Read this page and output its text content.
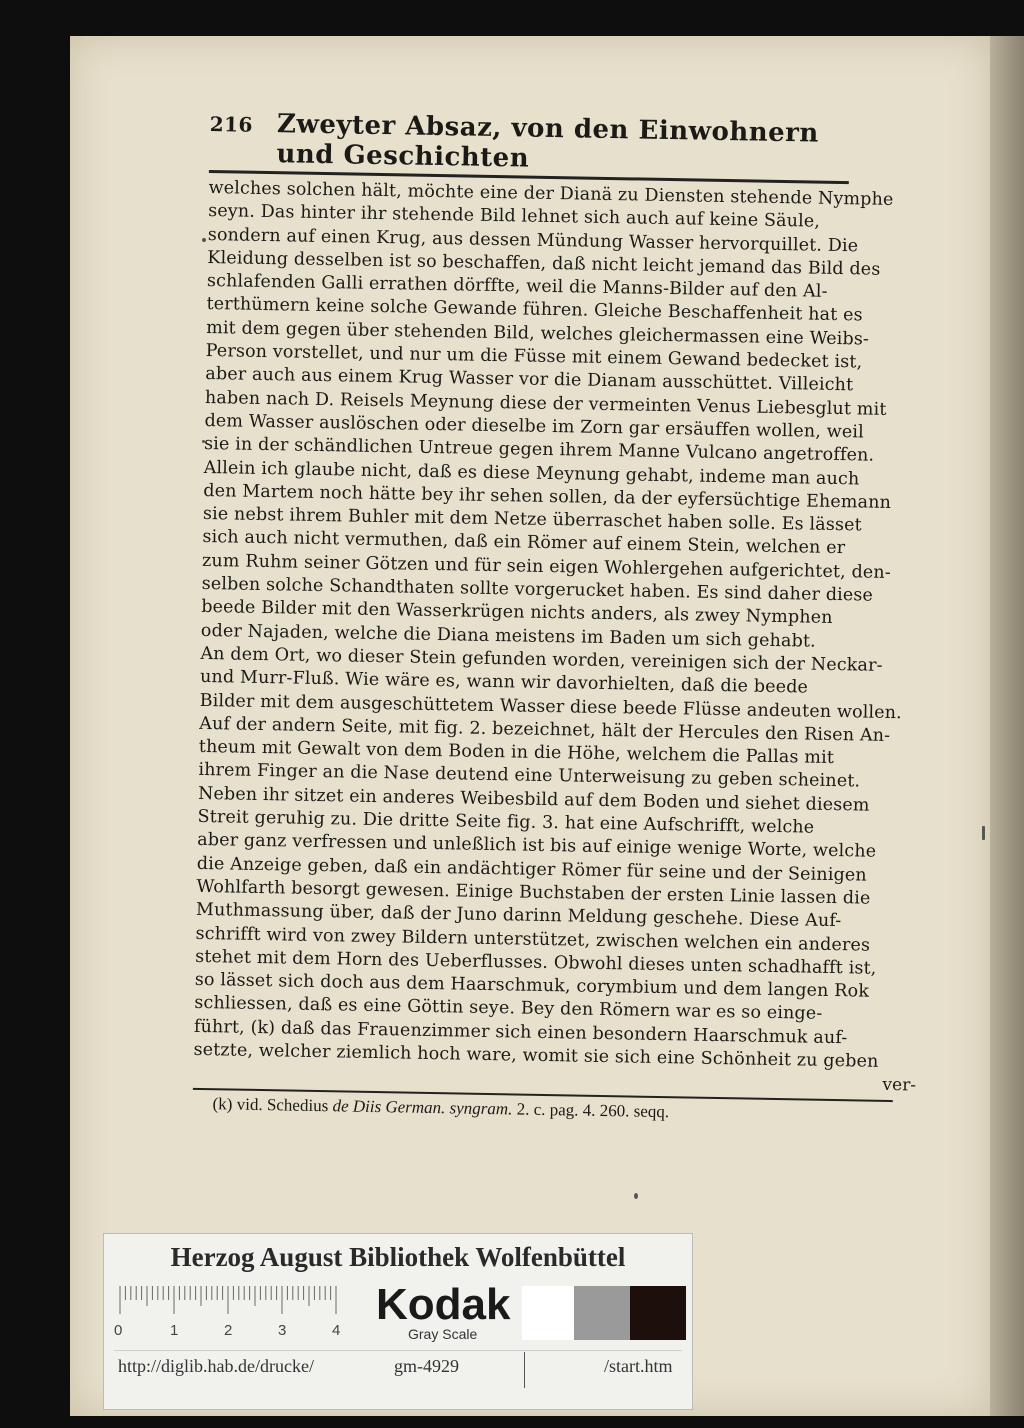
216 Zweyter Absaz, von den Einwohnern und Geschichten
welches solchen hält, möchte eine der Dianä zu Diensten stehende Nymphe
seyn. Das hinter ihr stehende Bild lehnet sich auch auf keine Säule,
sondern auf einen Krug, aus dessen Mündung Wasser hervorquillet. Die
Kleidung desselben ist so beschaffen, daß nicht leicht jemand das Bild des
schlafenden Galli errathen dörffte, weil die Manns-Bilder auf den Al-
terthümern keine solche Gewande führen. Gleiche Beschaffenheit hat es
mit dem gegen über stehenden Bild, welches gleichermassen eine Weibs-
Person vorstellet, und nur um die Füsse mit einem Gewand bedecket ist,
aber auch aus einem Krug Wasser vor die Dianam ausschüttet. Villeicht
haben nach D. Reisels Meynung diese der vermeinten Venus Liebesglut mit
dem Wasser auslöschen oder dieselbe im Zorn gar ersäuffen wollen, weil
sie in der schändlichen Untreue gegen ihrem Manne Vulcano angetroffen.
Allein ich glaube nicht, daß es diese Meynung gehabt, indeme man auch
den Martem noch hätte bey ihr sehen sollen, da der eyfersüchtige Ehemann
sie nebst ihrem Buhler mit dem Netze überraschet haben solle. Es lässet
sich auch nicht vermuthen, daß ein Römer auf einem Stein, welchen er
zum Ruhm seiner Götzen und für sein eigen Wohlergehen aufgerichtet, den-
selben solche Schandthaten sollte vorgerucket haben. Es sind daher diese
beede Bilder mit den Wasserkrügen nichts anders, als zwey Nymphen
oder Najaden, welche die Diana meistens im Baden um sich gehabt.
An dem Ort, wo dieser Stein gefunden worden, vereinigen sich der Neckar-
und Murr-Fluß. Wie wäre es, wann wir davorhielten, daß die beede
Bilder mit dem ausgeschüttetem Wasser diese beede Flüsse andeuten wollen.
Auf der andern Seite, mit fig. 2. bezeichnet, hält der Hercules den Risen An-
theum mit Gewalt von dem Boden in die Höhe, welchem die Pallas mit
ihrem Finger an die Nase deutend eine Unterweisung zu geben scheinet.
Neben ihr sitzet ein anderes Weibesbild auf dem Boden und siehet diesem
Streit geruhig zu. Die dritte Seite fig. 3. hat eine Aufschrifft, welche
aber ganz verfressen und unleßlich ist bis auf einige wenige Worte, welche
die Anzeige geben, daß ein andächtiger Römer für seine und der Seinigen
Wohlfarth besorgt gewesen. Einige Buchstaben der ersten Linie lassen die
Muthmassung über, daß der Juno darinn Meldung geschehe. Diese Auf-
schrifft wird von zwey Bildern unterstützet, zwischen welchen ein anderes
stehet mit dem Horn des Ueberflusses. Obwohl dieses unten schadhafft ist,
so lässet sich doch aus dem Haarschmuk, corymbium und dem langen Rok
schliessen, daß es eine Göttin seye. Bey den Römern war es so einge-
führt, (k) daß das Frauenzimmer sich einen besondern Haarschmuk auf-
setzte, welcher ziemlich hoch ware, womit sie sich eine Schönheit zu geben
ver-
(k) vid. Schedius de Diis German. syngram. 2. c. pag. 4. 260. seqq.
Herzog August Bibliothek Wolfenbüttel
0	1	2	3	4
Kodak
Gray Scale
http://diglib.hab.de/drucke/	gm-4929	/start.htm
